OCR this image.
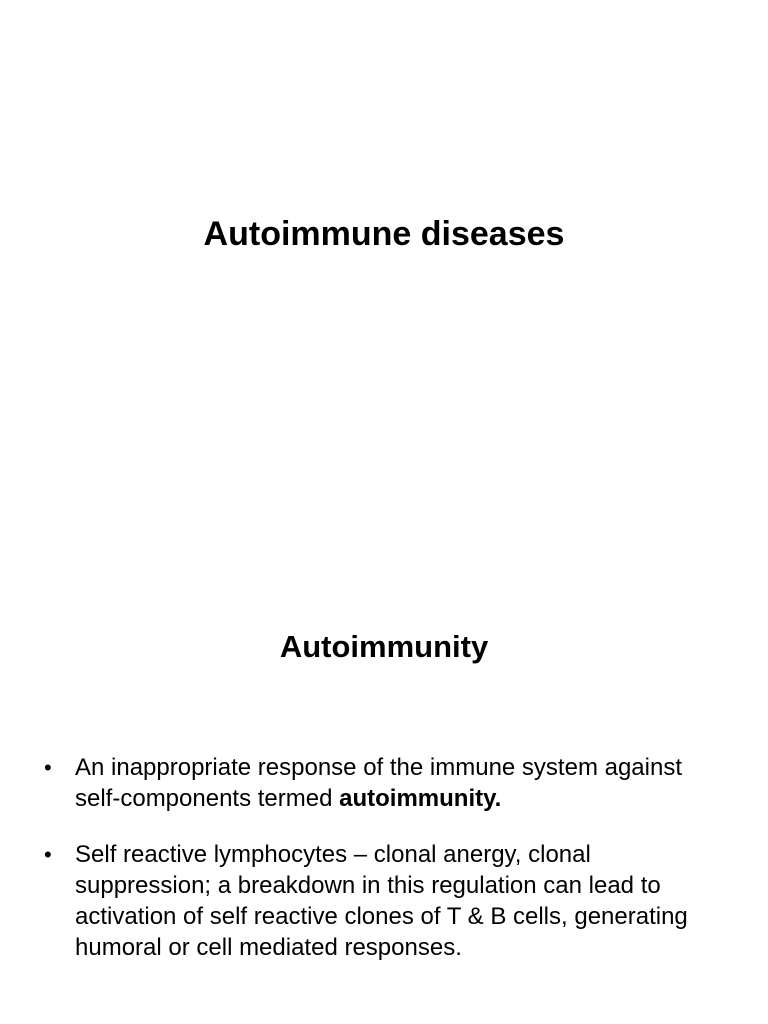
Autoimmune diseases
Autoimmunity
• An inappropriate response of the immune system against self-components termed autoimmunity.
• Self reactive lymphocytes – clonal anergy, clonal suppression; a breakdown in this regulation can lead to activation of self reactive clones of T & B cells, generating humoral or cell mediated responses.
